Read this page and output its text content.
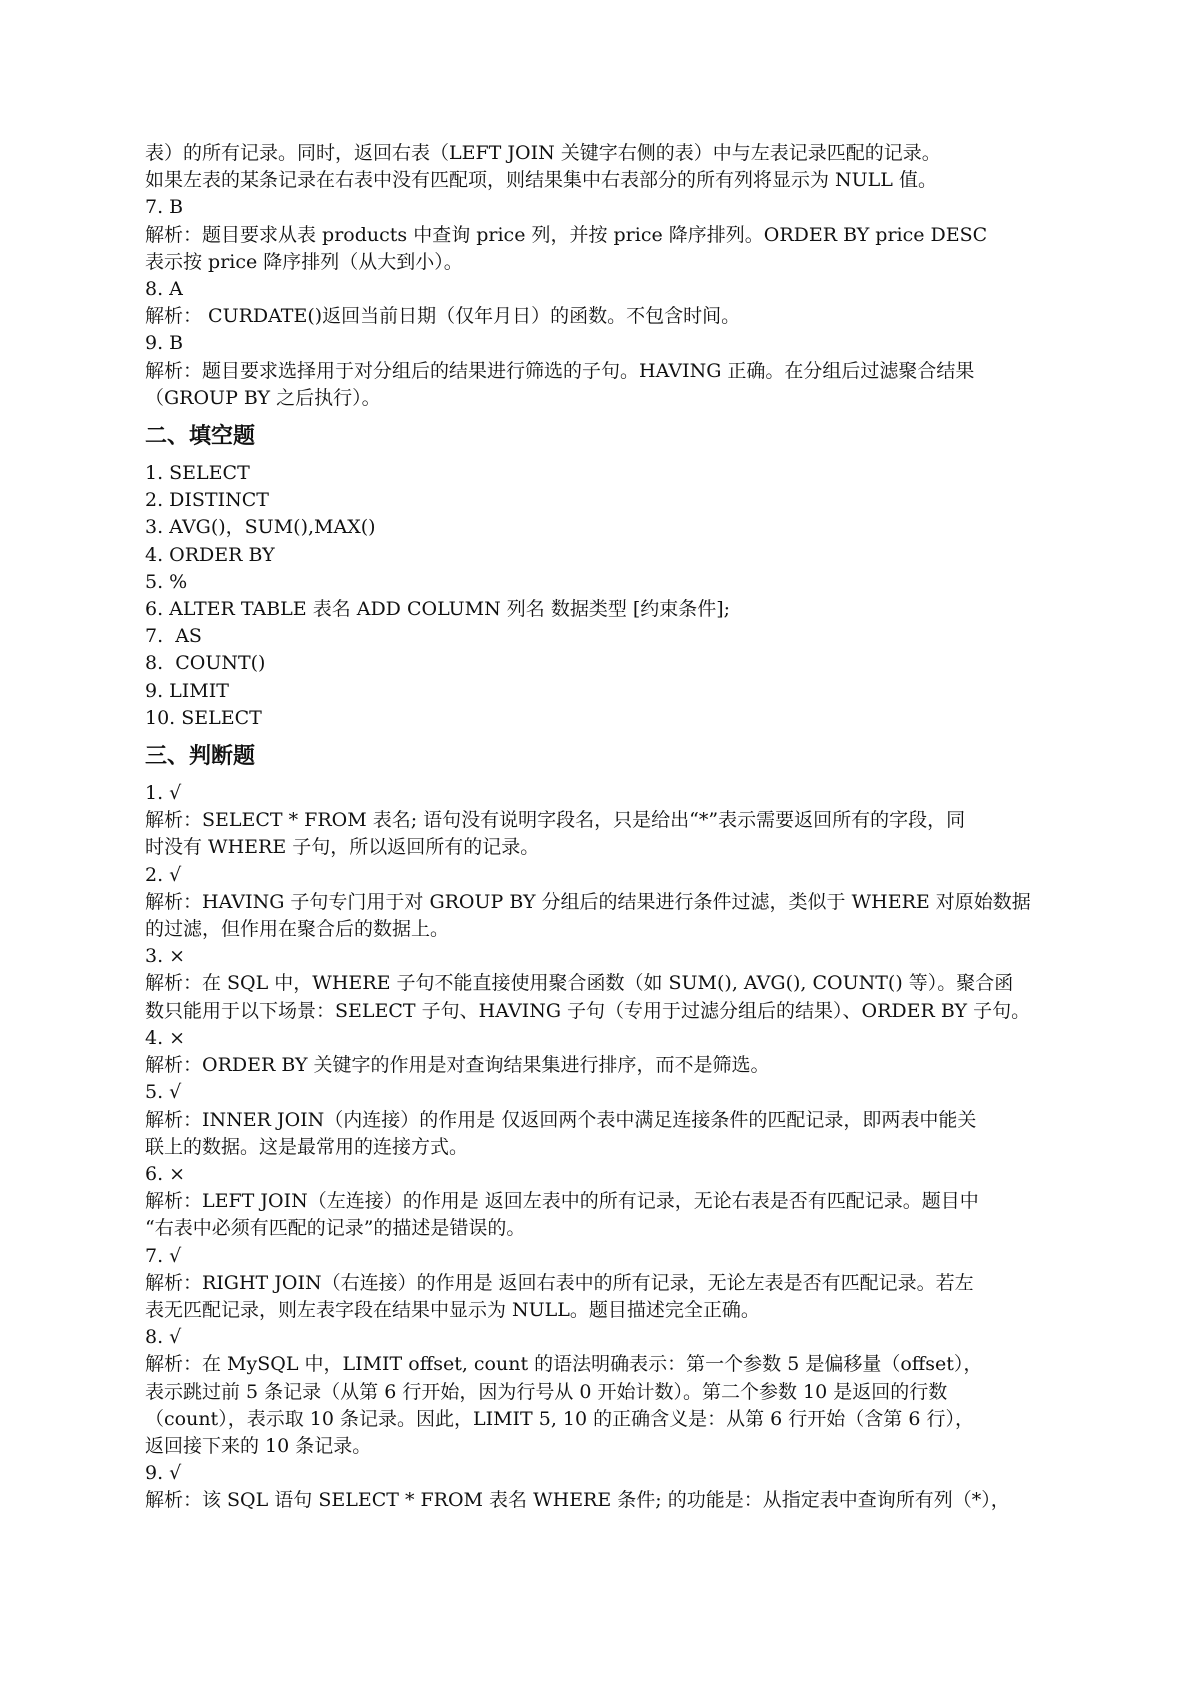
表）的所有记录。同时，返回右表（LEFT JOIN 关键字右侧的表）中与左表记录匹配的记录。

如果左表的某条记录在右表中没有匹配项，则结果集中右表部分的所有列将显示为 NULL 值。

7. B

解析：题目要求从表 products 中查询 price 列，并按 price 降序排列。ORDER BY price DESC

表示按 price 降序排列（从大到小）。

8. A

解析： CURDATE()返回当前日期（仅年月日）的函数。不包含时间。

9. B

解析：题目要求选择用于对分组后的结果进行筛选的子句。HAVING 正确。在分组后过滤聚合结果

（GROUP BY 之后执行）。

二、填空题

1. SELECT

2. DISTINCT

3. AVG()，SUM(),MAX()

4. ORDER BY

5. %

6. ALTER TABLE 表名 ADD COLUMN 列名 数据类型 [约束条件];

7.  AS

8.  COUNT()

9. LIMIT

10. SELECT

三、判断题

1. √

解析：SELECT * FROM 表名; 语句没有说明字段名，只是给出“*”表示需要返回所有的字段，同

时没有 WHERE 子句，所以返回所有的记录。

2. √

解析：HAVING 子句专门用于对 GROUP BY 分组后的结果进行条件过滤，类似于 WHERE 对原始数据

的过滤，但作用在聚合后的数据上。

3. ×

解析：在 SQL 中，WHERE 子句不能直接使用聚合函数（如 SUM(), AVG(), COUNT() 等）。聚合函

数只能用于以下场景：SELECT 子句、HAVING 子句（专用于过滤分组后的结果）、ORDER BY 子句。

4. ×

解析：ORDER BY 关键字的作用是对查询结果集进行排序，而不是筛选。

5. √

解析：INNER JOIN（内连接）的作用是 仅返回两个表中满足连接条件的匹配记录，即两表中能关

联上的数据。这是最常用的连接方式。

6. ×

解析：LEFT JOIN（左连接）的作用是 返回左表中的所有记录，无论右表是否有匹配记录。题目中

“右表中必须有匹配的记录”的描述是错误的。

7. √

解析：RIGHT JOIN（右连接）的作用是 返回右表中的所有记录，无论左表是否有匹配记录。若左

表无匹配记录，则左表字段在结果中显示为 NULL。题目描述完全正确。

8. √

解析：在 MySQL 中，LIMIT offset, count 的语法明确表示：第一个参数 5 是偏移量（offset），

表示跳过前 5 条记录（从第 6 行开始，因为行号从 0 开始计数）。第二个参数 10 是返回的行数

（count），表示取 10 条记录。因此，LIMIT 5, 10 的正确含义是：从第 6 行开始（含第 6 行），

返回接下来的 10 条记录。

9. √

解析：该 SQL 语句 SELECT * FROM 表名 WHERE 条件; 的功能是：从指定表中查询所有列（*），
